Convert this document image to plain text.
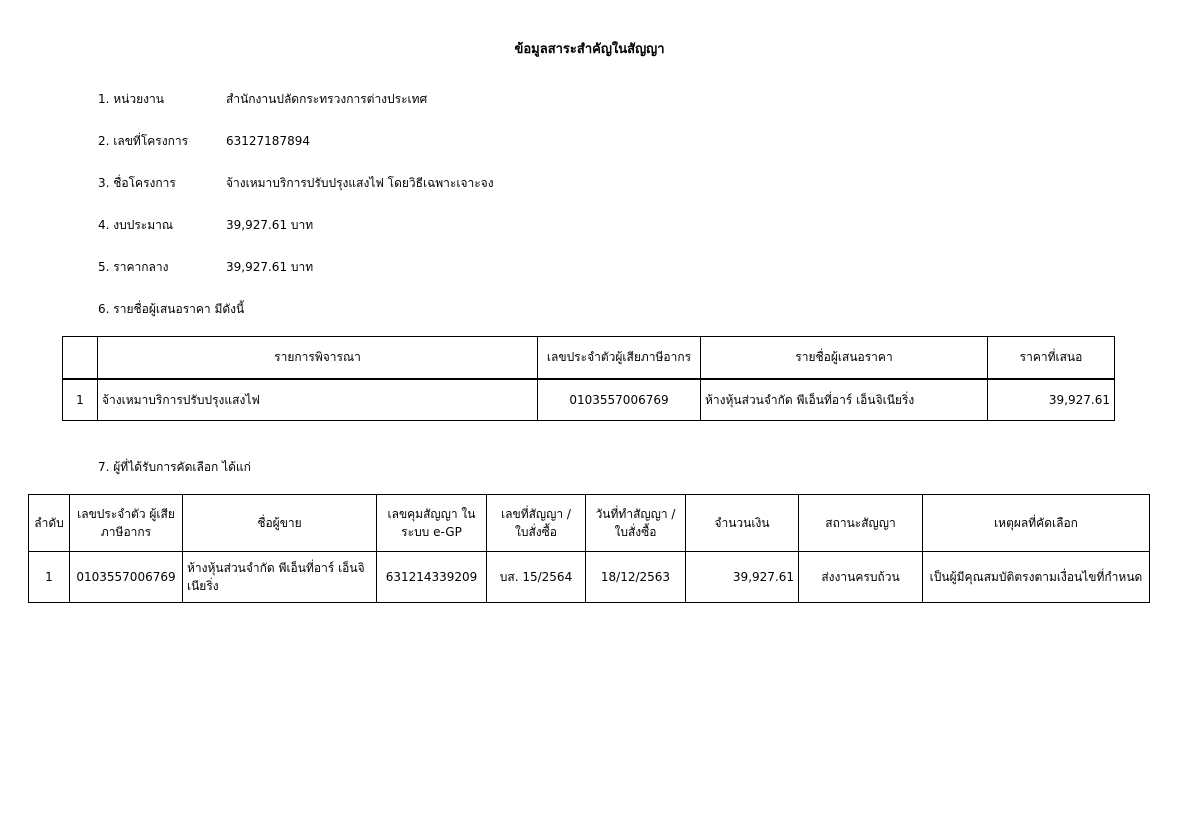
ข้อมูลสาระสำคัญในสัญญา
1. หน่วยงาน	สำนักงานปลัดกระทรวงการต่างประเทศ
2. เลขที่โครงการ	63127187894
3. ชื่อโครงการ	จ้างเหมาบริการปรับปรุงแสงไฟ โดยวิธีเฉพาะเจาะจง
4. งบประมาณ	39,927.61 บาท
5. ราคากลาง	39,927.61 บาท
6. รายชื่อผู้เสนอราคา มีดังนี้
	รายการพิจารณา	เลขประจำตัวผู้เสียภาษีอากร	รายชื่อผู้เสนอราคา	ราคาที่เสนอ
1	จ้างเหมาบริการปรับปรุงแสงไฟ	0103557006769	ห้างหุ้นส่วนจำกัด พีเอ็นที่อาร์ เอ็นจิเนียริ่ง	39,927.61
7. ผู้ที่ได้รับการคัดเลือก ได้แก่
ลำดับ	เลขประจำตัว ผู้เสียภาษีอากร	ชื่อผู้ขาย	เลขคุมสัญญา ในระบบ e-GP	เลขที่สัญญา / ใบสั่งซื้อ	วันที่ทำสัญญา / ใบสั่งซื้อ	จำนวนเงิน	สถานะสัญญา	เหตุผลที่คัดเลือก
1	0103557006769	ห้างหุ้นส่วนจำกัด พีเอ็นที่อาร์ เอ็นจิเนียริ่ง	631214339209	บส. 15/2564	18/12/2563	39,927.61	ส่งงานครบถ้วน	เป็นผู้มีคุณสมบัติตรงตามเงื่อนไขที่กำหนด
